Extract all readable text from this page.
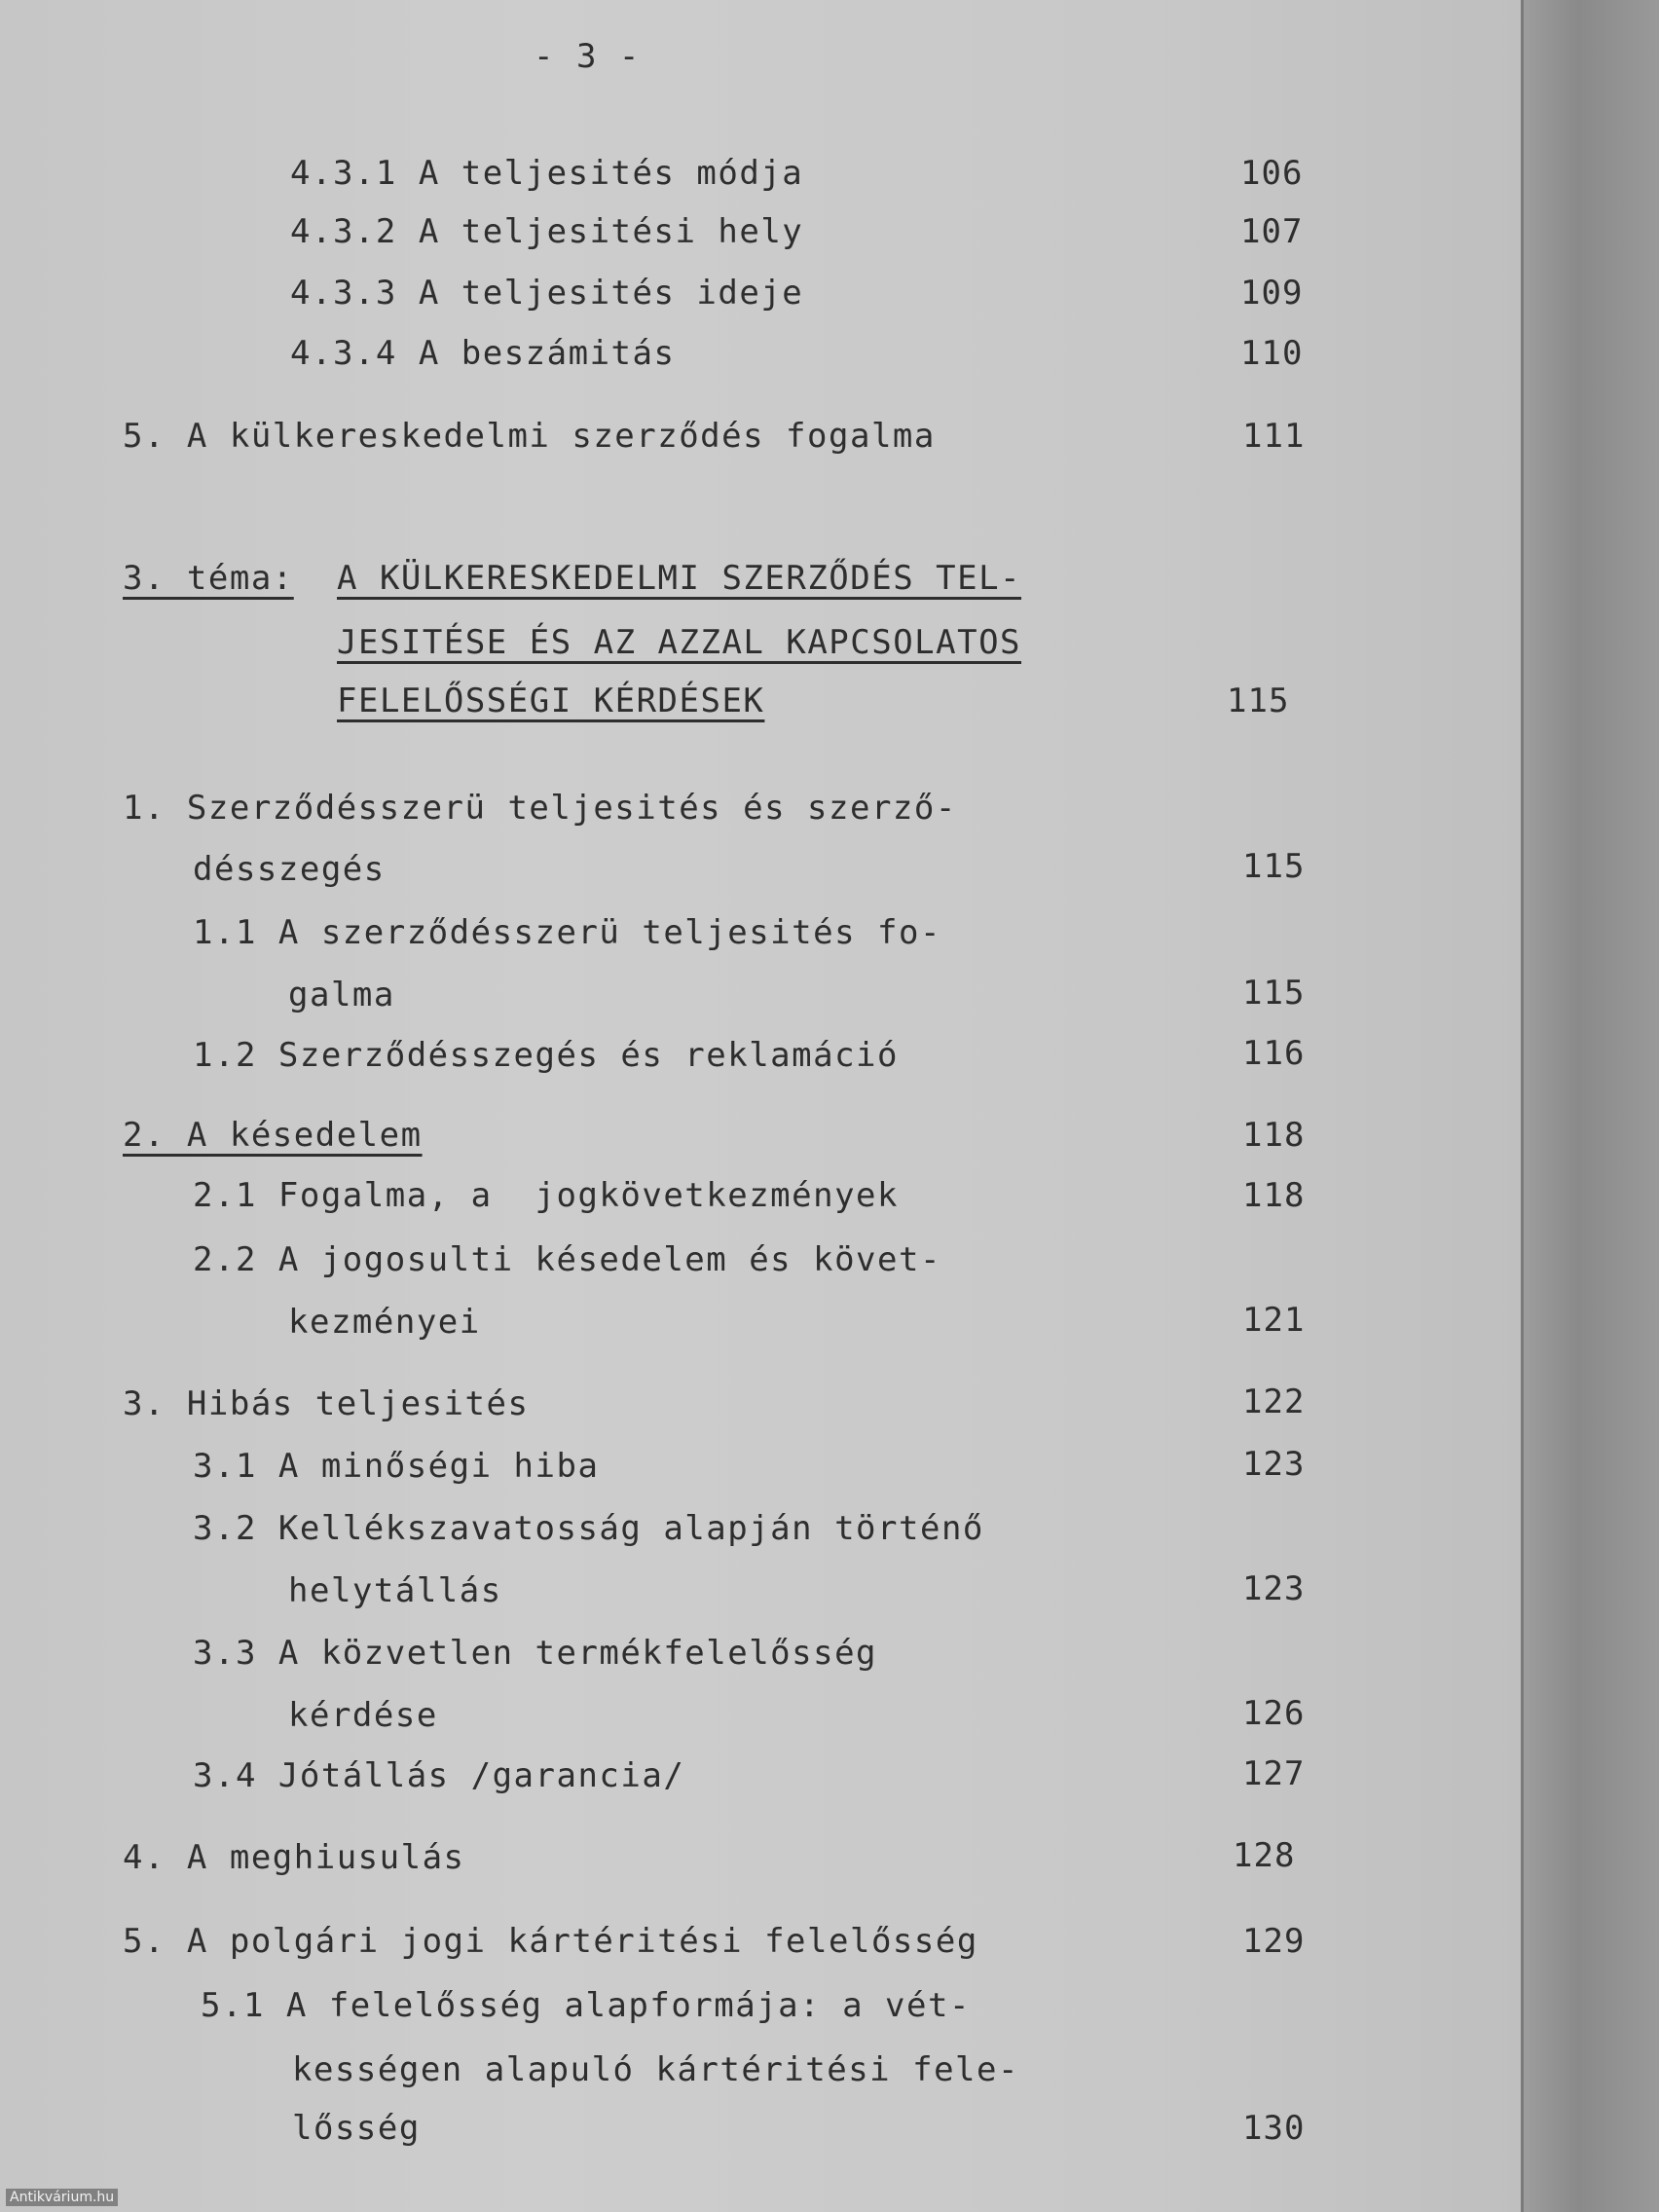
- 3 -
4.3.1 A teljesités módja	106
4.3.2 A teljesitési hely	107
4.3.3 A teljesités ideje	109
4.3.4 A beszámitás	110
5. A külkereskedelmi szerződés fogalma	111
3. téma: A KÜLKERESKEDELMI SZERZŐDÉS TEL-
JESITÉSE ÉS AZ AZZAL KAPCSOLATOS
FELELŐSSÉGI KÉRDÉSEK	115
1. Szerződésszerü teljesités és szerző-
désszegés	115
1.1 A szerződésszerü teljesités fo-
galma	115
1.2 Szerződésszegés és reklamáció	116
2. A késedelem	118
2.1 Fogalma, a  jogkövetkezmények	118
2.2 A jogosulti késedelem és követ-
kezményei	121
3. Hibás teljesités	122
3.1 A minőségi hiba	123
3.2 Kellékszavatosság alapján történő
helytállás	123
3.3 A közvetlen termékfelelősség
kérdése	126
3.4 Jótállás /garancia/	127
4. A meghiusulás	128
5. A polgári jogi kártéritési felelősség	129
5.1 A felelősség alapformája: a vét-
kességen alapuló kártéritési fele-
lősség	130
Antikvárium.hu
